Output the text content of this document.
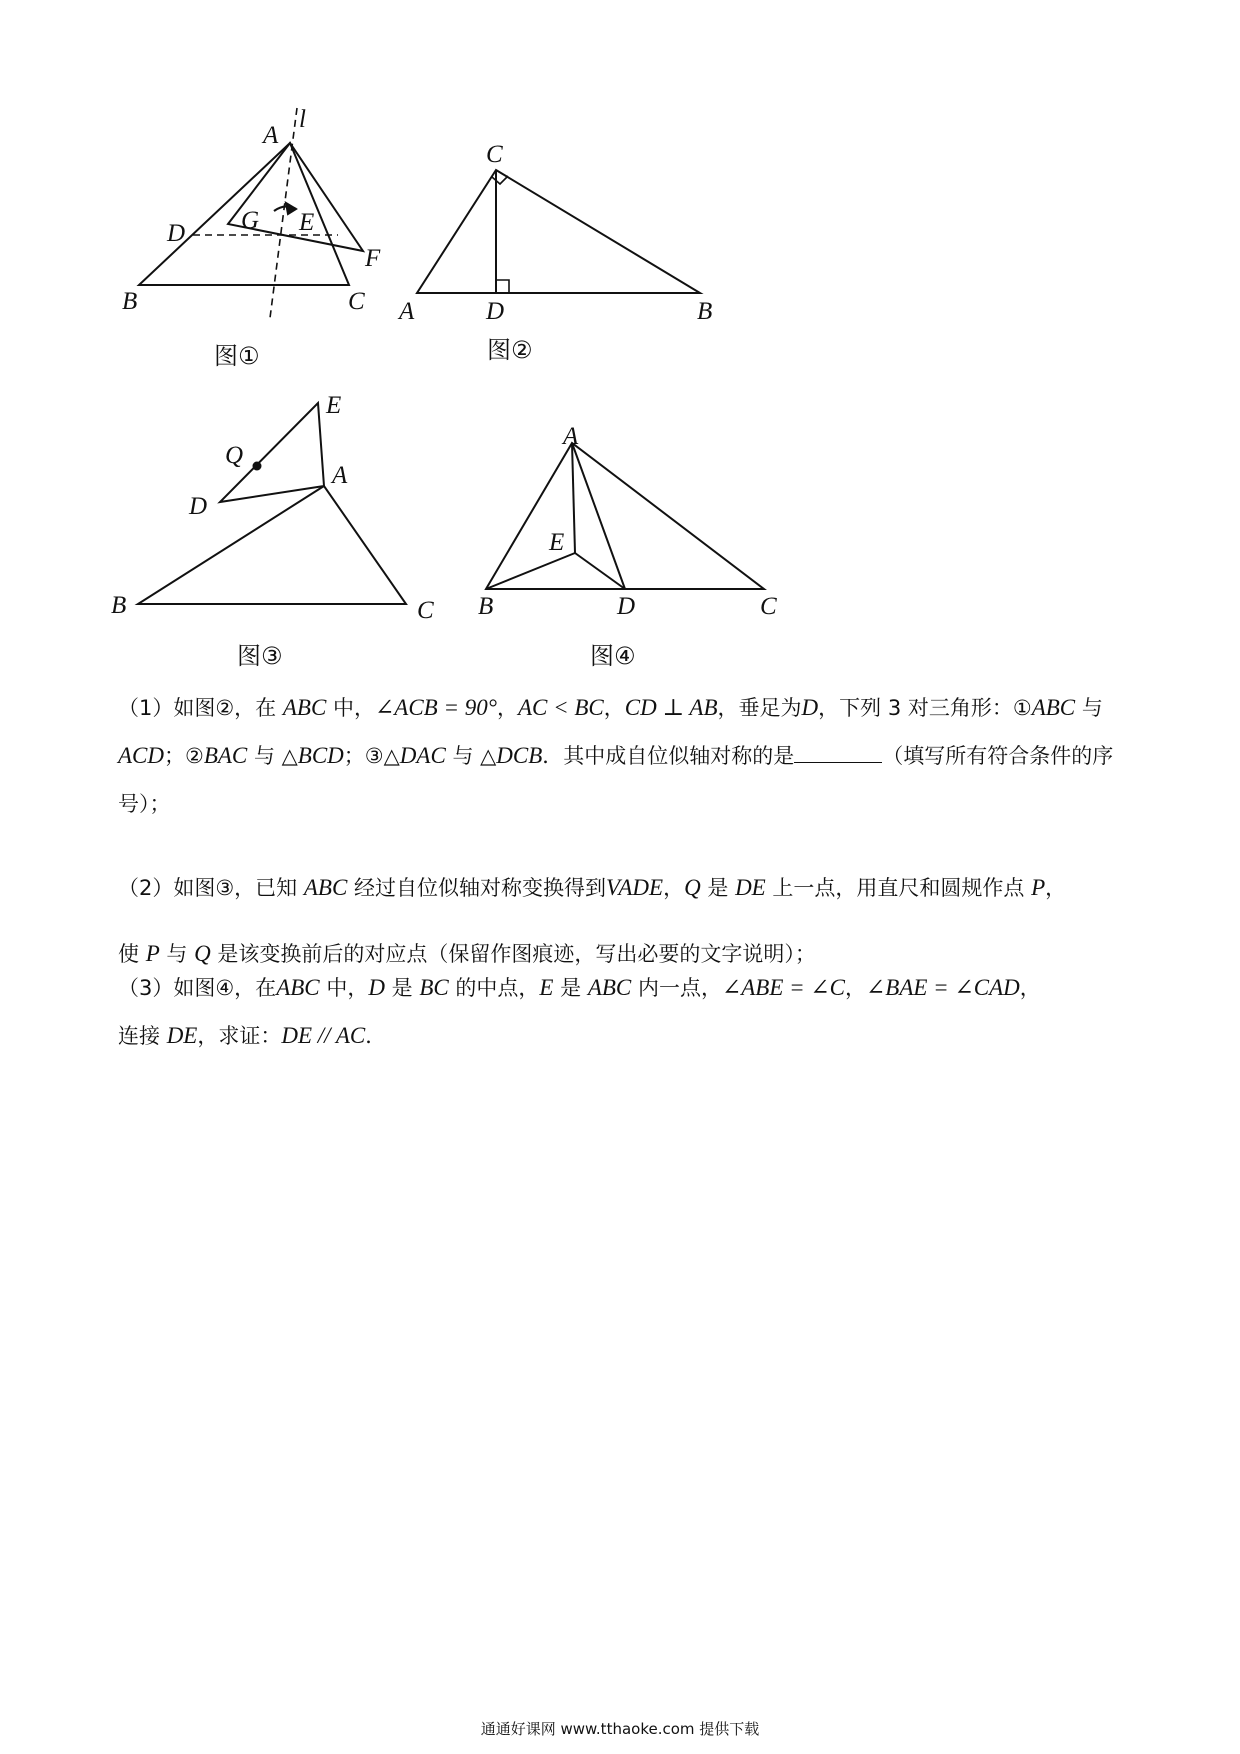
A
l
D G E
F
B	C
图①
C
A	D	B
图②
E
Q
A
D
B	C
图③
A
E
B	D	C
图④

（1）如图②，在 ABC 中，∠ACB = 90°，AC < BC，CD ⊥ AB，垂足为D，下列 3 对三角形：①ABC 与ACD；②BAC 与 △BCD；③△DAC 与 △DCB．其中成自位似轴对称的是	（填写所有符合条件的序号）；

（2）如图③，已知 ABC 经过自位似轴对称变换得到VADE，Q 是 DE 上一点，用直尺和圆规作点 P，

使 P 与 Q 是该变换前后的对应点（保留作图痕迹，写出必要的文字说明）；

（3）如图④，在ABC 中，D 是 BC 的中点，E 是 ABC 内一点，∠ABE = ∠C，∠BAE = ∠CAD，

连接 DE，求证：DE // AC．

通通好课网 www.tthaoke.com 提供下载
